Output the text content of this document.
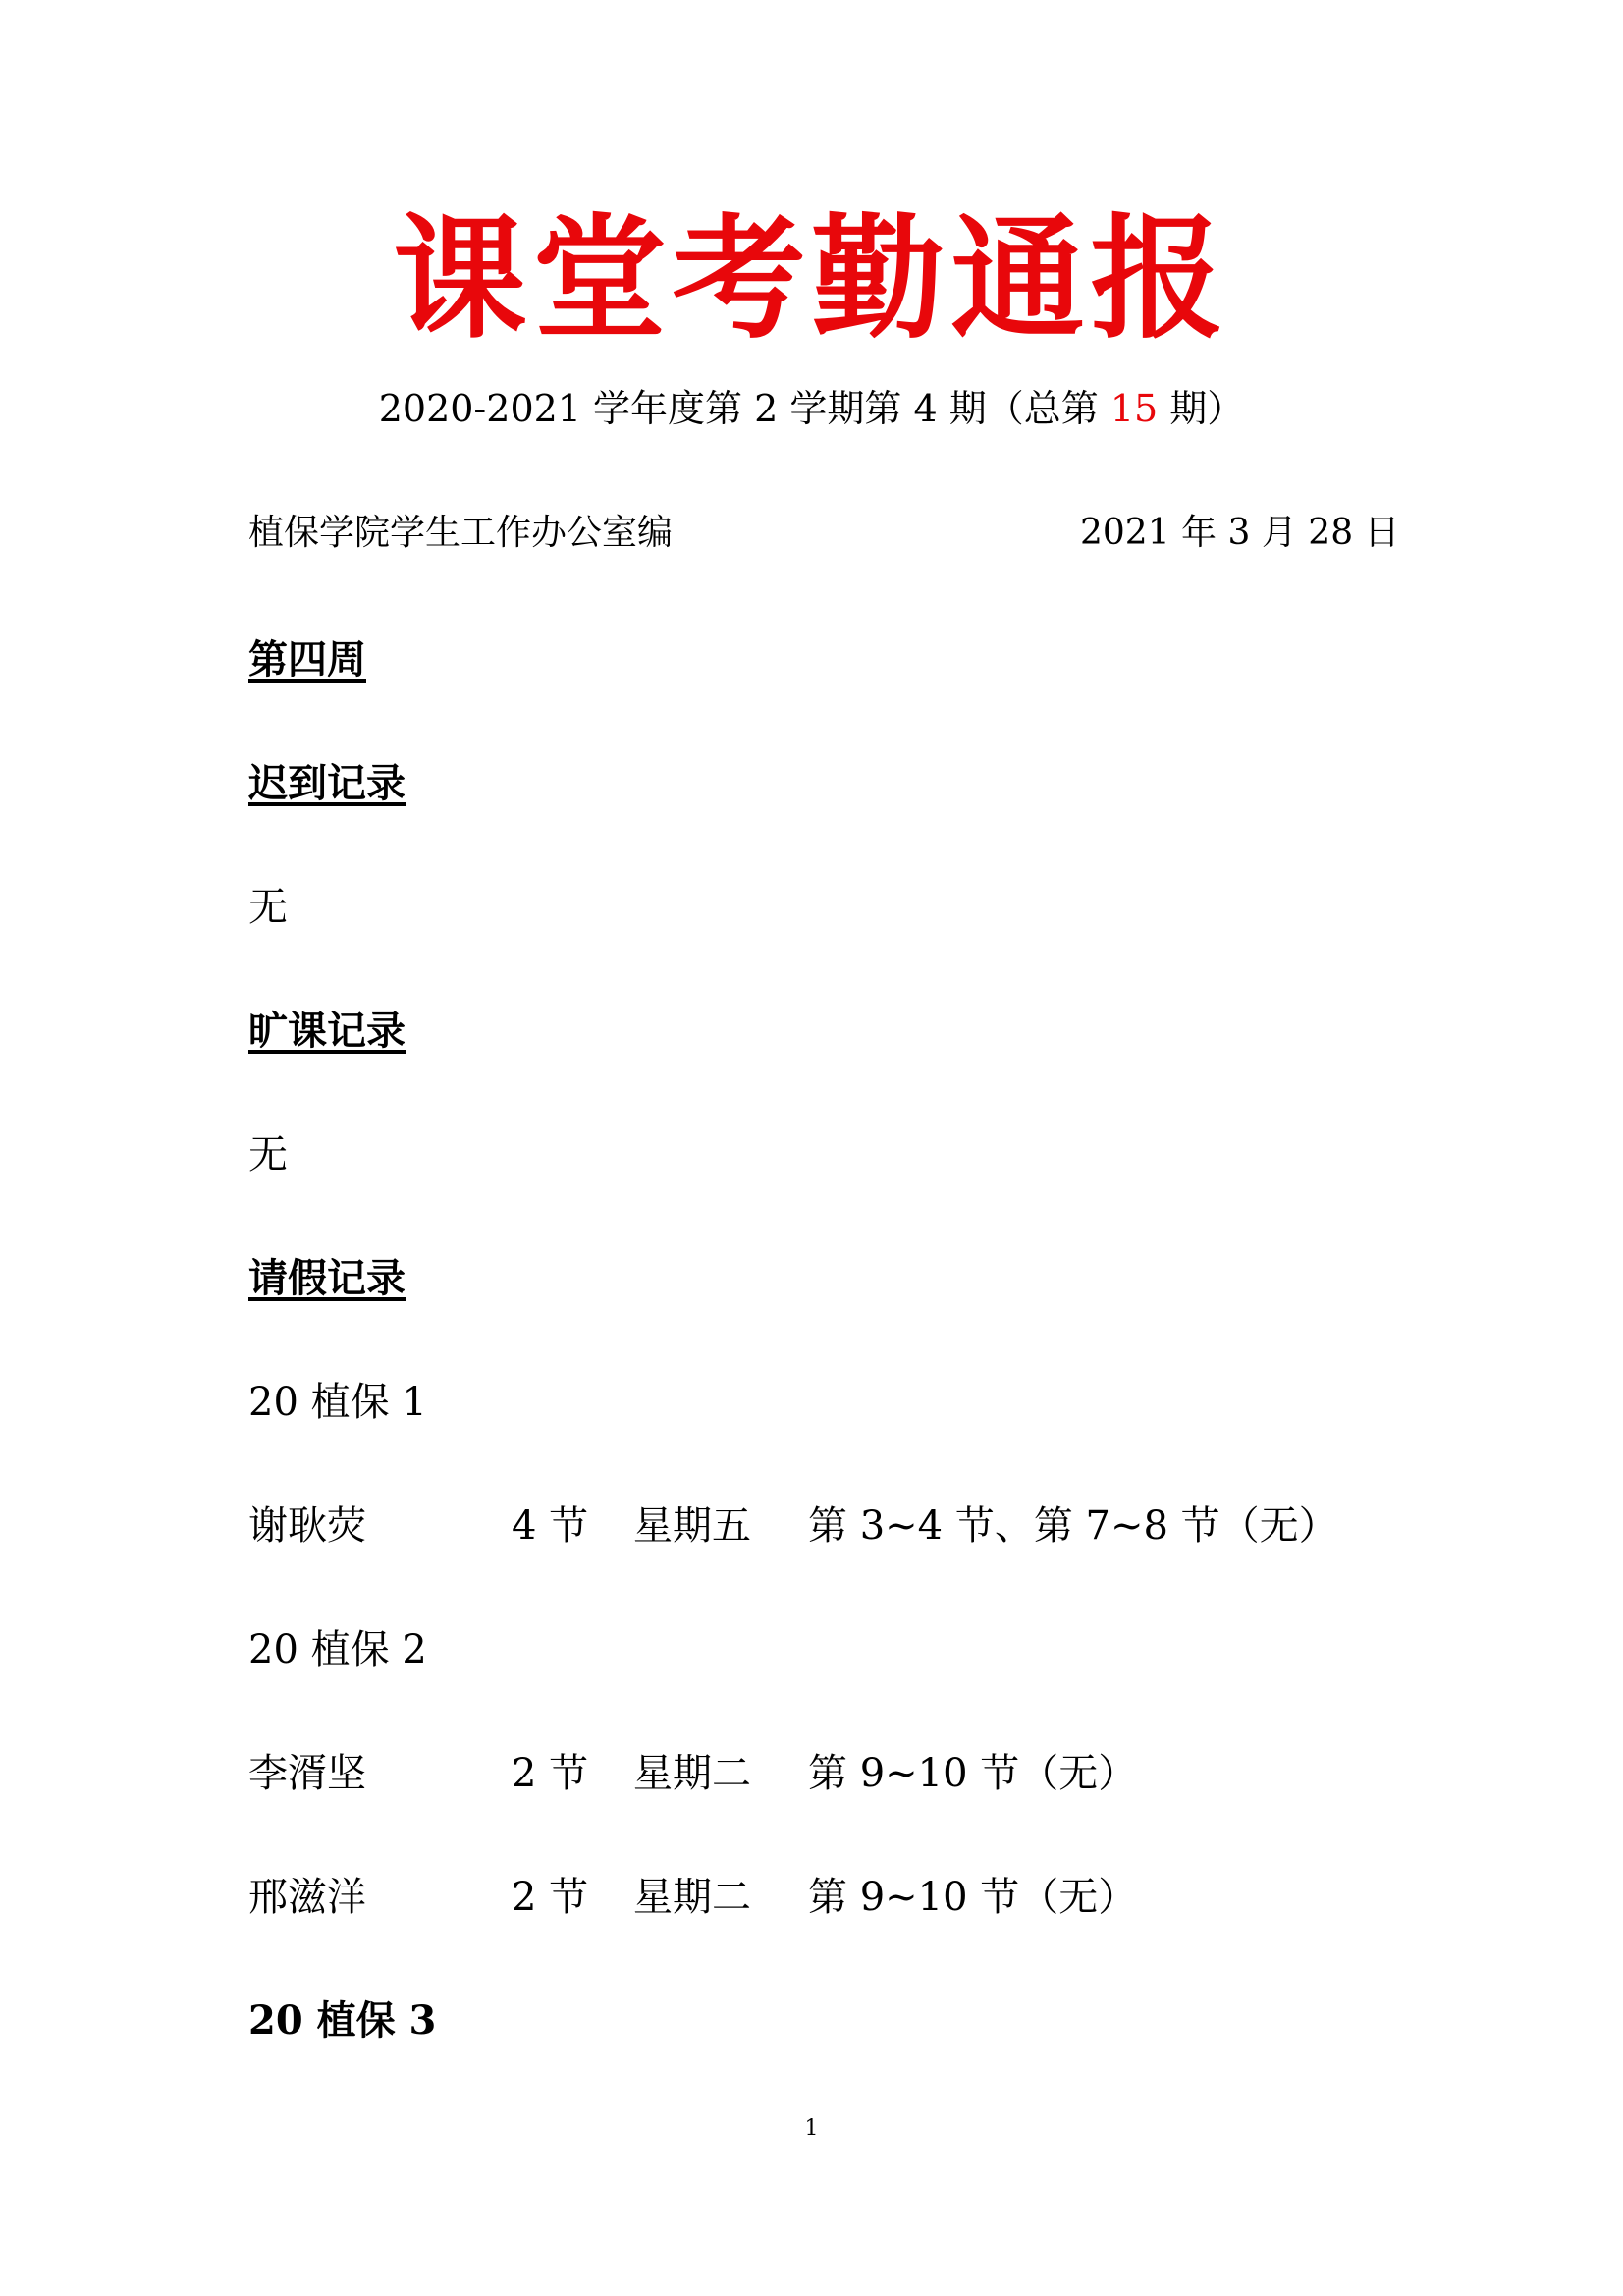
课堂考勤通报
2020-2021 学年度第 2 学期第 4 期（总第 15 期）
植保学院学生工作办公室编	2021 年 3 月 28 日
第四周
迟到记录
无
旷课记录
无
请假记录
20 植保 1
谢耿荧	4 节 星期五 第 3~4 节、第 7~8 节（无）
20 植保 2
李湑坚	2 节 星期二 第 9~10 节（无）
邢滋洋	2 节 星期二 第 9~10 节（无）
20 植保 3
1
